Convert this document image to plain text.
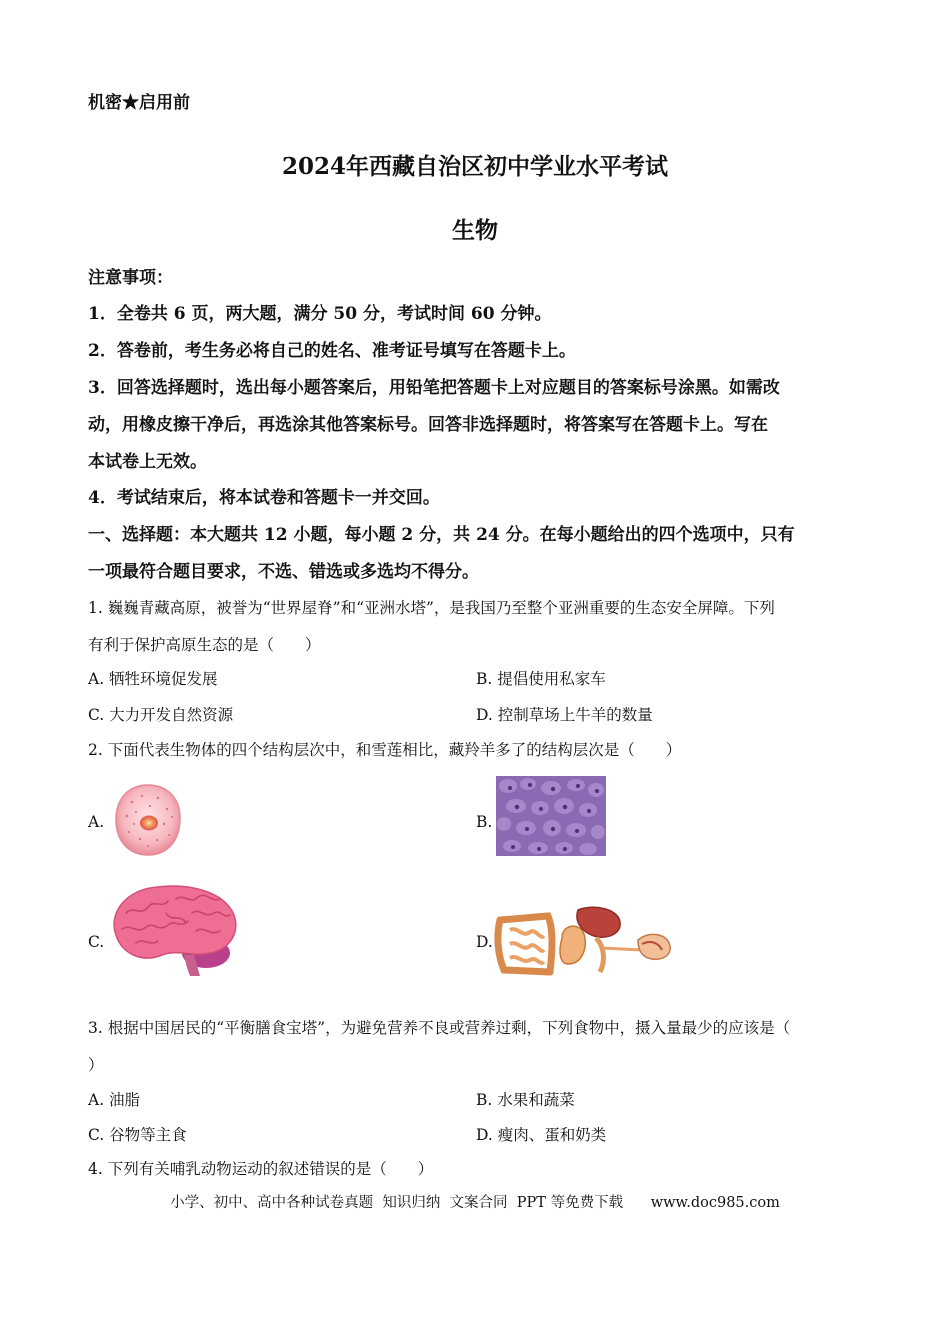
机密★启用前
2024年西藏自治区初中学业水平考试
生物
注意事项：
1．全卷共 6 页，两大题，满分 50 分，考试时间 60 分钟。
2．答卷前，考生务必将自己的姓名、准考证号填写在答题卡上。
3．回答选择题时，选出每小题答案后，用铅笔把答题卡上对应题目的答案标号涂黑。如需改
动，用橡皮擦干净后，再选涂其他答案标号。回答非选择题时，将答案写在答题卡上。写在
本试卷上无效。
4．考试结束后，将本试卷和答题卡一并交回。
一、选择题：本大题共 12 小题，每小题 2 分，共 24 分。在每小题给出的四个选项中，只有
一项最符合题目要求，不选、错选或多选均不得分。
1. 巍巍青藏高原，被誉为“世界屋脊”和“亚洲水塔”，是我国乃至整个亚洲重要的生态安全屏障。下列
有利于保护高原生态的是（　　）
A. 牺牲环境促发展	B. 提倡使用私家车
C. 大力开发自然资源	D. 控制草场上牛羊的数量
2. 下面代表生物体的四个结构层次中，和雪莲相比，藏羚羊多了的结构层次是（　　）
A.	B.
C.	D.
3. 根据中国居民的“平衡膳食宝塔”，为避免营养不良或营养过剩，下列食物中，摄入量最少的应该是（
）
A. 油脂	B. 水果和蔬菜
C. 谷物等主食	D. 瘦肉、蛋和奶类
4. 下列有关哺乳动物运动的叙述错误的是（　　）
小学、初中、高中各种试卷真题  知识归纳  文案合同  PPT 等免费下载      www.doc985.com
